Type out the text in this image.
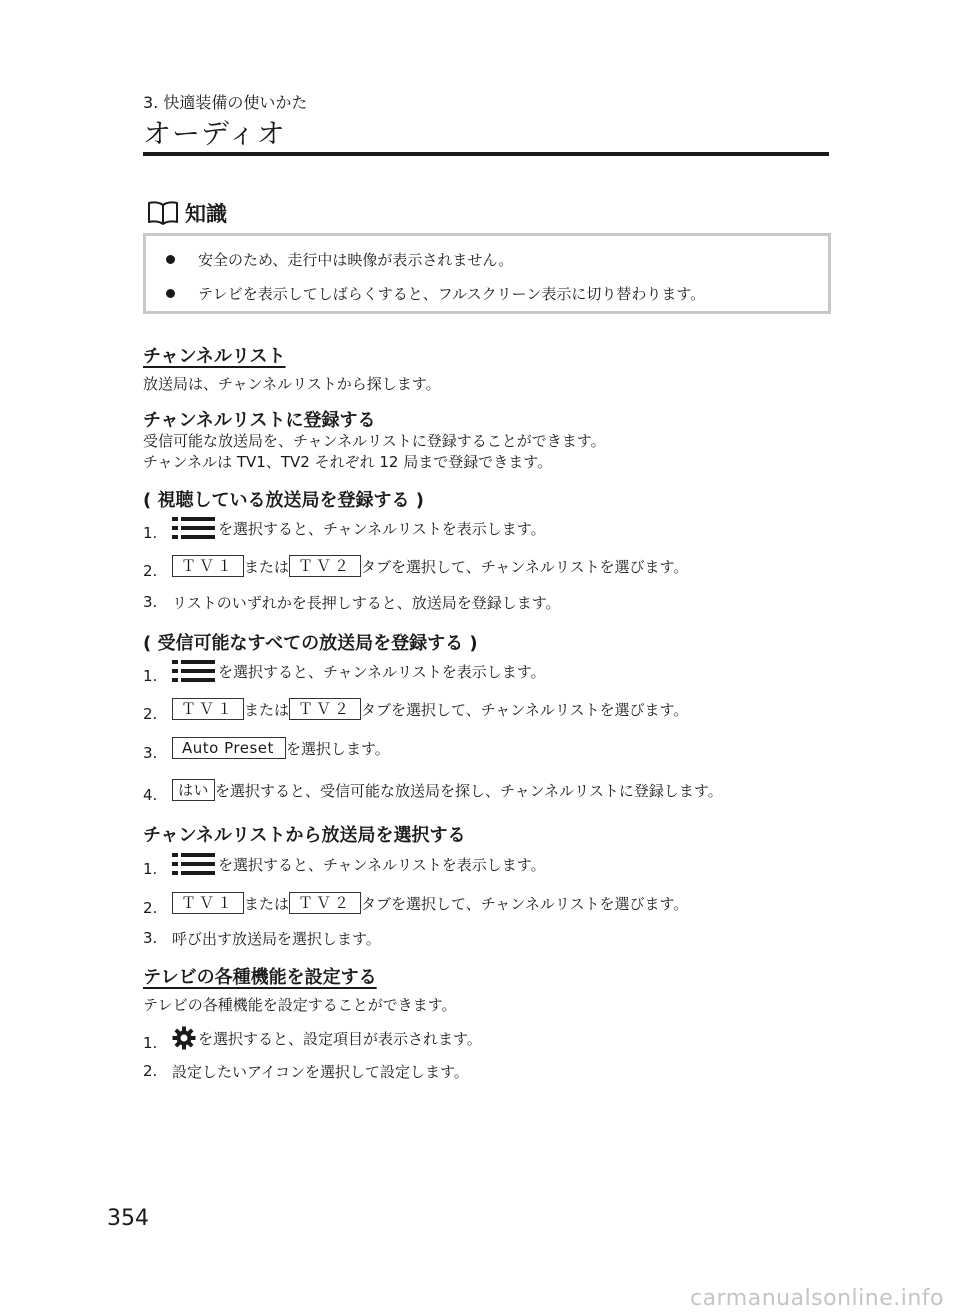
3. 快適装備の使いかた
オーディオ
知識
安全のため、走行中は映像が表示されません。
テレビを表示してしばらくすると、フルスクリーン表示に切り替わります。
チャンネルリスト
放送局は、チャンネルリストから探します。
チャンネルリストに登録する
受信可能な放送局を、チャンネルリストに登録することができます。
チャンネルは TV1、TV2 それぞれ 12 局まで登録できます。
( 視聴している放送局を登録する )
1.	を選択すると、チャンネルリストを表示します。
2.	ＴＶ１ または ＴＶ２ タブを選択して、チャンネルリストを選びます。
3. リストのいずれかを長押しすると、放送局を登録します。
( 受信可能なすべての放送局を登録する )
1.	を選択すると、チャンネルリストを表示します。
2.	ＴＶ１ または ＴＶ２ タブを選択して、チャンネルリストを選びます。
3.	Auto Preset を選択します。
4.	はい を選択すると、受信可能な放送局を探し、チャンネルリストに登録します。
チャンネルリストから放送局を選択する
1.	を選択すると、チャンネルリストを表示します。
2.	ＴＶ１ または ＴＶ２ タブを選択して、チャンネルリストを選びます。
3. 呼び出す放送局を選択します。
テレビの各種機能を設定する
テレビの各種機能を設定することができます。
1.	を選択すると、設定項目が表示されます。
2. 設定したいアイコンを選択して設定します。
354
carmanualsonline.info
